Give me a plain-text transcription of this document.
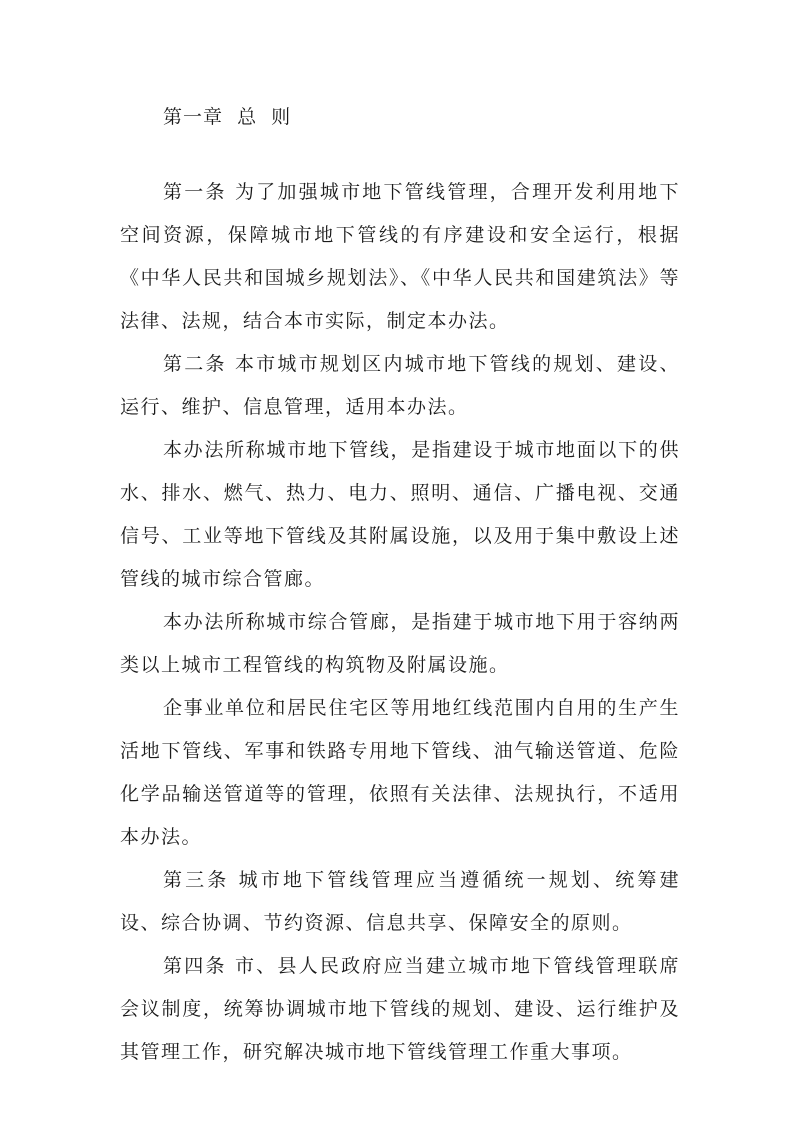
第一章  总  则

第一条 为了加强城市地下管线管理，合理开发利用地下空间资源，保障城市地下管线的有序建设和安全运行，根据《中华人民共和国城乡规划法》、《中华人民共和国建筑法》等法律、法规，结合本市实际，制定本办法。

第二条 本市城市规划区内城市地下管线的规划、建设、运行、维护、信息管理，适用本办法。

本办法所称城市地下管线，是指建设于城市地面以下的供水、排水、燃气、热力、电力、照明、通信、广播电视、交通信号、工业等地下管线及其附属设施，以及用于集中敷设上述管线的城市综合管廊。

本办法所称城市综合管廊，是指建于城市地下用于容纳两类以上城市工程管线的构筑物及附属设施。

企事业单位和居民住宅区等用地红线范围内自用的生产生活地下管线、军事和铁路专用地下管线、油气输送管道、危险化学品输送管道等的管理，依照有关法律、法规执行，不适用本办法。

第三条 城市地下管线管理应当遵循统一规划、统筹建设、综合协调、节约资源、信息共享、保障安全的原则。

第四条 市、县人民政府应当建立城市地下管线管理联席会议制度，统筹协调城市地下管线的规划、建设、运行维护及其管理工作，研究解决城市地下管线管理工作重大事项。
